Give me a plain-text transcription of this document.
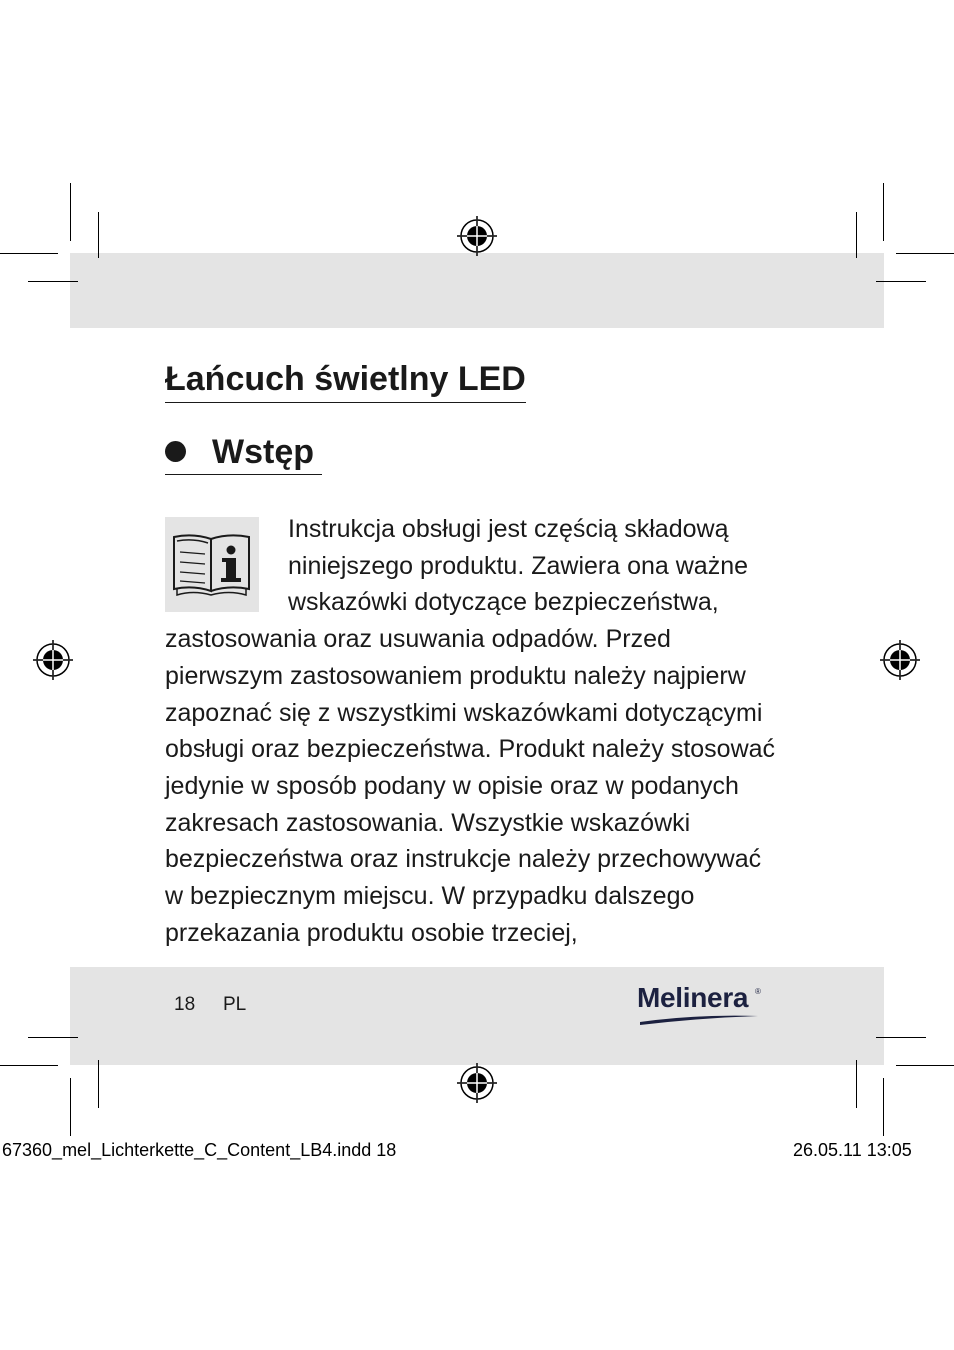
Łańcuch świetlny LED
Wstęp

Instrukcja obsługi jest częścią składową niniejszego produktu. Zawiera ona ważne wskazówki dotyczące bezpieczeństwa, zastosowania oraz usuwania odpadów. Przed pierwszym zastosowaniem produktu należy najpierw zapoznać się z wszystkimi wskazówkami dotyczącymi obsługi oraz bezpieczeństwa. Produkt należy stosować jedynie w sposób podany w opisie oraz w podanych zakresach zastosowania. Wszystkie wskazówki bezpieczeństwa oraz instrukcje należy przechowywać w bezpiecznym miejscu. W przypadku dalszego przekazania produktu osobie trzeciej,

18 PL	Melinera ®
67360_mel_Lichterkette_C_Content_LB4.indd 18	26.05.11 13:05
